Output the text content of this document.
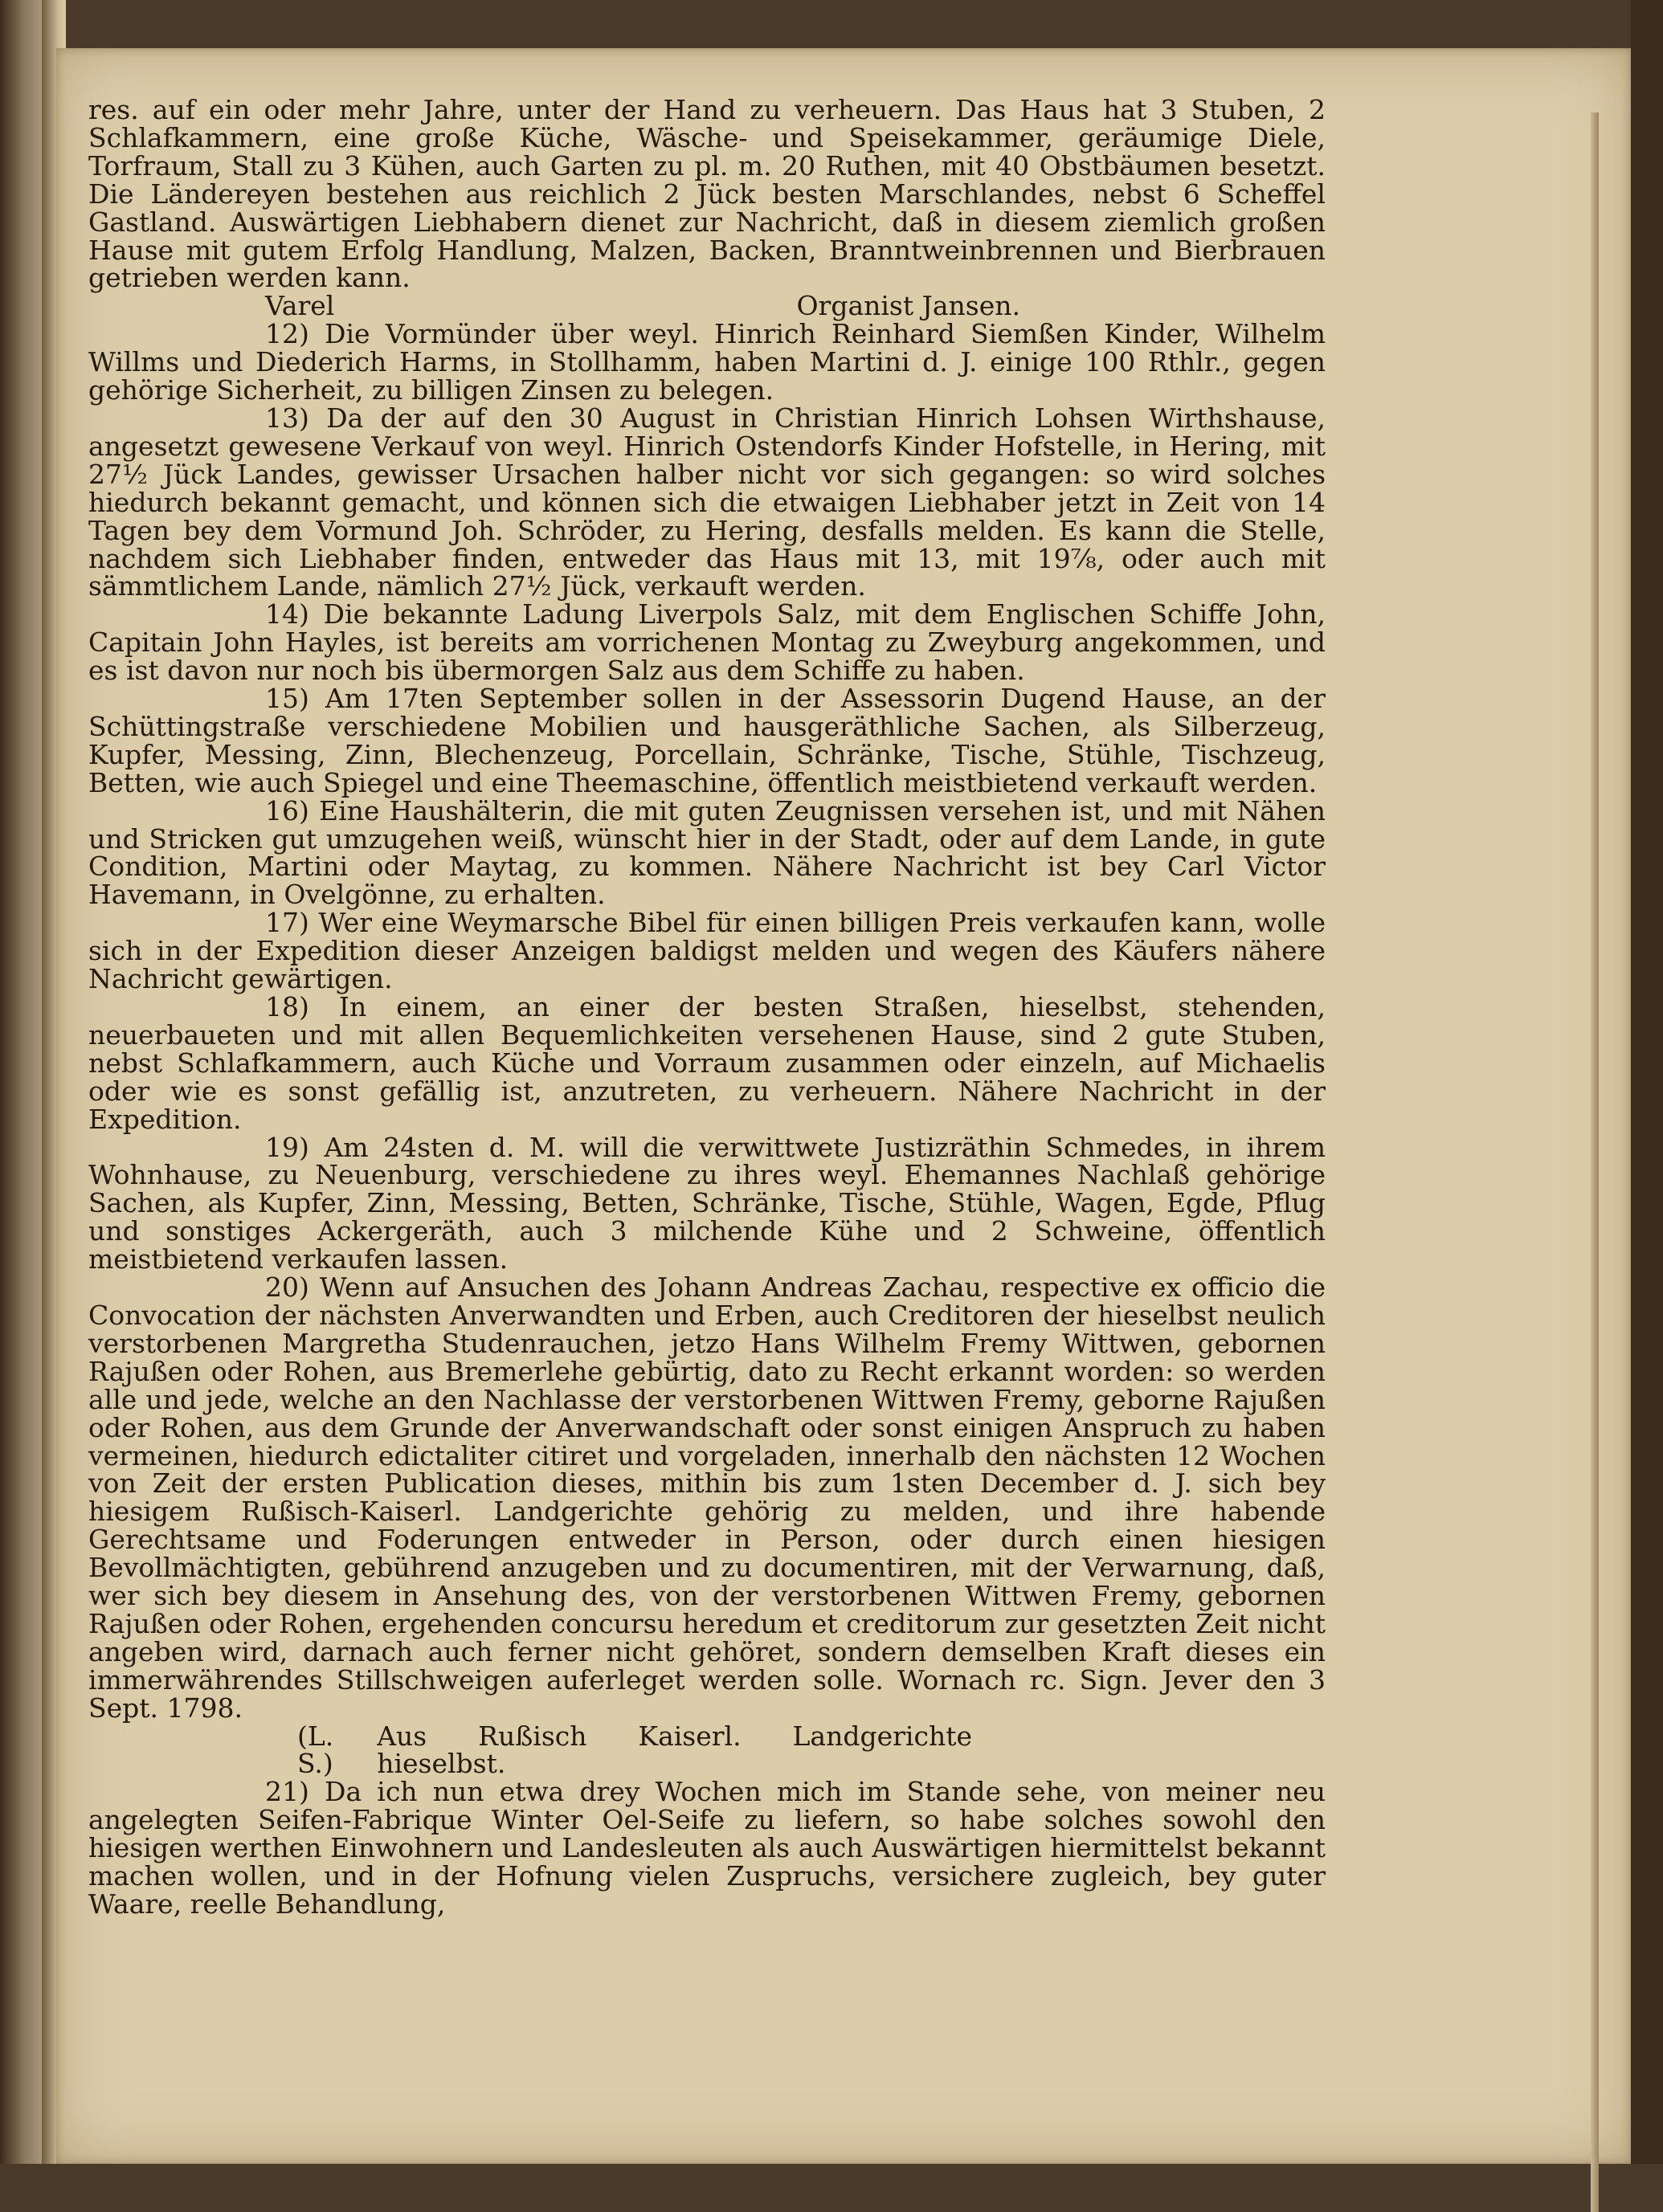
res. auf ein oder mehr Jahre, unter der Hand zu verheuern. Das Haus hat 3 Stuben, 2 Schlafkammern, eine große Küche, Wäsche- und Speisekammer, geräumige Diele, Torfraum, Stall zu 3 Kühen, auch Garten zu pl. m. 20 Ruthen, mit 40 Obstbäumen besetzt. Die Ländereyen bestehen aus reichlich 2 Jück besten Marschlandes, nebst 6 Scheffel Gastland. Auswärtigen Liebhabern dienet zur Nachricht, daß in diesem ziemlich großen Hause mit gutem Erfolg Handlung, Malzen, Backen, Branntweinbrennen und Bierbrauen getrieben werden kann.

Varel	Organist Jansen.

12) Die Vormünder über weyl. Hinrich Reinhard Siemßen Kinder, Wilhelm Willms und Diederich Harms, in Stollhamm, haben Martini d. J. einige 100 Rthlr., gegen gehörige Sicherheit, zu billigen Zinsen zu belegen.

13) Da der auf den 30 August in Christian Hinrich Lohsen Wirthshause, angesetzt gewesene Verkauf von weyl. Hinrich Ostendorfs Kinder Hofstelle, in Hering, mit 27½ Jück Landes, gewisser Ursachen halber nicht vor sich gegangen: so wird solches hiedurch bekannt gemacht, und können sich die etwaigen Liebhaber jetzt in Zeit von 14 Tagen bey dem Vormund Joh. Schröder, zu Hering, desfalls melden. Es kann die Stelle, nachdem sich Liebhaber finden, entweder das Haus mit 13, mit 19⅞, oder auch mit sämmtlichem Lande, nämlich 27½ Jück, verkauft werden.

14) Die bekannte Ladung Liverpols Salz, mit dem Englischen Schiffe John, Capitain John Hayles, ist bereits am vorrichenen Montag zu Zweyburg angekommen, und es ist davon nur noch bis übermorgen Salz aus dem Schiffe zu haben.

15) Am 17ten September sollen in der Assessorin Dugend Hause, an der Schüttingstraße verschiedene Mobilien und hausgeräthliche Sachen, als Silberzeug, Kupfer, Messing, Zinn, Blechenzeug, Porcellain, Schränke, Tische, Stühle, Tischzeug, Betten, wie auch Spiegel und eine Theemaschine, öffentlich meistbietend verkauft werden.

16) Eine Haushälterin, die mit guten Zeugnissen versehen ist, und mit Nähen und Stricken gut umzugehen weiß, wünscht hier in der Stadt, oder auf dem Lande, in gute Condition, Martini oder Maytag, zu kommen. Nähere Nachricht ist bey Carl Victor Havemann, in Ovelgönne, zu erhalten.

17) Wer eine Weymarsche Bibel für einen billigen Preis verkaufen kann, wolle sich in der Expedition dieser Anzeigen baldigst melden und wegen des Käufers nähere Nachricht gewärtigen.

18) In einem, an einer der besten Straßen, hieselbst, stehenden, neuerbaueten und mit allen Bequemlichkeiten versehenen Hause, sind 2 gute Stuben, nebst Schlafkammern, auch Küche und Vorraum zusammen oder einzeln, auf Michaelis oder wie es sonst gefällig ist, anzutreten, zu verheuern. Nähere Nachricht in der Expedition.

19) Am 24sten d. M. will die verwittwete Justizräthin Schmedes, in ihrem Wohnhause, zu Neuenburg, verschiedene zu ihres weyl. Ehemannes Nachlaß gehörige Sachen, als Kupfer, Zinn, Messing, Betten, Schränke, Tische, Stühle, Wagen, Egde, Pflug und sonstiges Ackergeräth, auch 3 milchende Kühe und 2 Schweine, öffentlich meistbietend verkaufen lassen.

20) Wenn auf Ansuchen des Johann Andreas Zachau, respective ex officio die Convocation der nächsten Anverwandten und Erben, auch Creditoren der hieselbst neulich verstorbenen Margretha Studenrauchen, jetzo Hans Wilhelm Fremy Wittwen, gebornen Rajußen oder Rohen, aus Bremerlehe gebürtig, dato zu Recht erkannt worden: so werden alle und jede, welche an den Nachlasse der verstorbenen Wittwen Fremy, geborne Rajußen oder Rohen, aus dem Grunde der Anverwandschaft oder sonst einigen Anspruch zu haben vermeinen, hiedurch edictaliter citiret und vorgeladen, innerhalb den nächsten 12 Wochen von Zeit der ersten Publication dieses, mithin bis zum 1sten December d. J. sich bey hiesigem Rußisch-Kaiserl. Landgerichte gehörig zu melden, und ihre habende Gerechtsame und Foderungen entweder in Person, oder durch einen hiesigen Bevollmächtigten, gebührend anzugeben und zu documentiren, mit der Verwarnung, daß, wer sich bey diesem in Ansehung des, von der verstorbenen Wittwen Fremy, gebornen Rajußen oder Rohen, ergehenden concursu heredum et creditorum zur gesetzten Zeit nicht angeben wird, darnach auch ferner nicht gehöret, sondern demselben Kraft dieses ein immerwährendes Stillschweigen auferleget werden solle. Wornach rc. Sign. Jever den 3 Sept. 1798.

(L. S.)
Aus Rußisch Kaiserl. Landgerichte hieselbst.

21) Da ich nun etwa drey Wochen mich im Stande sehe, von meiner neu angelegten Seifen-Fabrique Winter Oel-Seife zu liefern, so habe solches sowohl den hiesigen werthen Einwohnern und Landesleuten als auch Auswärtigen hiermittelst bekannt machen wollen, und in der Hofnung vielen Zuspruchs, versichere zugleich, bey guter Waare, reelle Behandlung,
